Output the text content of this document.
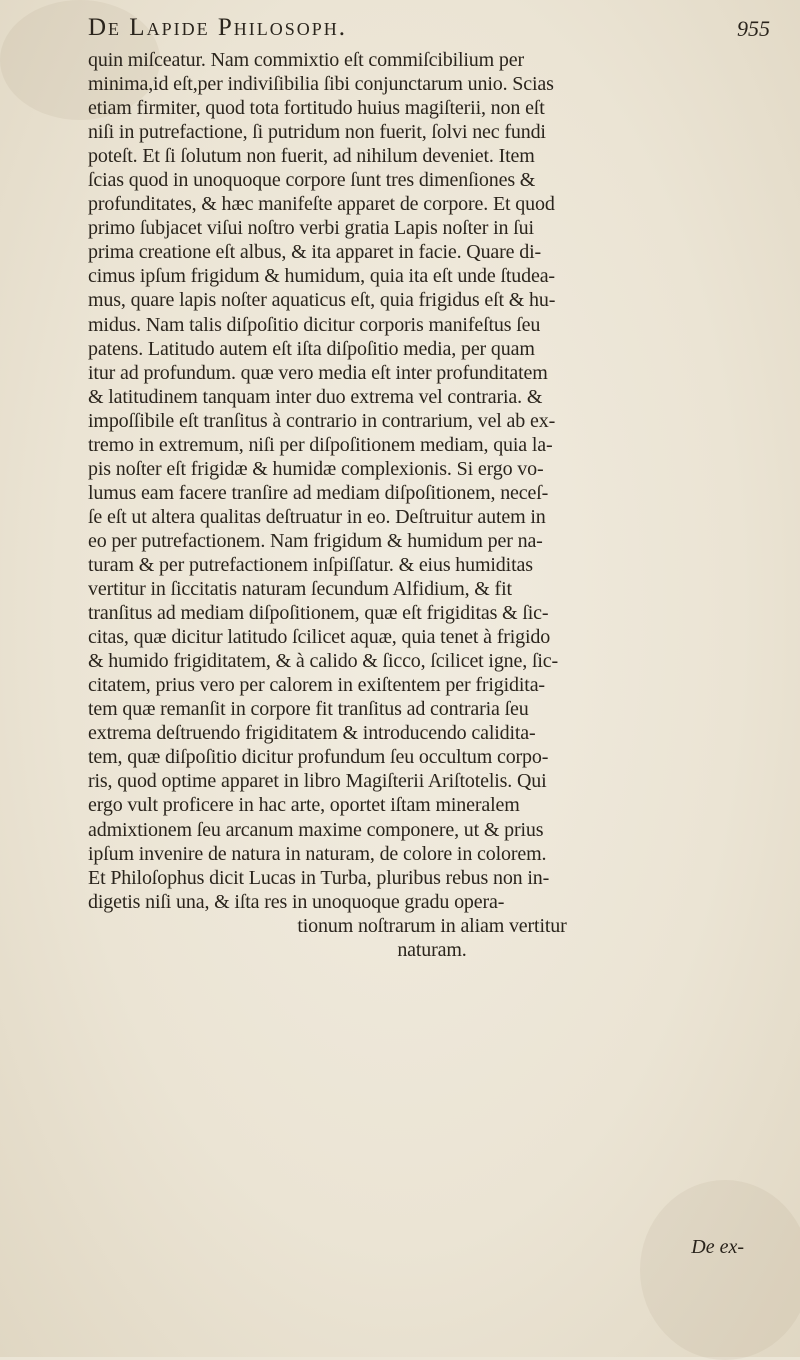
De Lapide Philosoph.	955
quin miſceatur. Nam commixtio eſt commiſcibilium per
minima,id eſt,per indiviſibilia ſibi conjunctarum unio. Scias
etiam firmiter, quod tota fortitudo huius magiſterii, non eſt
niſi in putrefactione, ſi putridum non fuerit, ſolvi nec fundi
poteſt. Et ſi ſolutum non fuerit, ad nihilum deveniet. Item
ſcias quod in unoquoque corpore ſunt tres dimenſiones &
profunditates, & hæc manifeſte apparet de corpore. Et quod
primo ſubjacet viſui noſtro verbi gratia Lapis noſter in ſui
prima creatione eſt albus, & ita apparet in facie. Quare di-
cimus ipſum frigidum & humidum, quia ita eſt unde ſtudea-
mus, quare lapis noſter aquaticus eſt, quia frigidus eſt & hu-
midus. Nam talis diſpoſitio dicitur corporis manifeſtus ſeu
patens. Latitudo autem eſt iſta diſpoſitio media, per quam
itur ad profundum. quæ vero media eſt inter profunditatem
& latitudinem tanquam inter duo extrema vel contraria. &
impoſſibile eſt tranſitus à contrario in contrarium, vel ab ex-
tremo in extremum, niſi per diſpoſitionem mediam, quia la-
pis noſter eſt frigidæ & humidæ complexionis. Si ergo vo-
lumus eam facere tranſire ad mediam diſpoſitionem, neceſ-
ſe eſt ut altera qualitas deſtruatur in eo. Deſtruitur autem in
eo per putrefactionem. Nam frigidum & humidum per na-
turam & per putrefactionem inſpiſſatur. & eius humiditas
vertitur in ſiccitatis naturam ſecundum Alfidium, & fit
tranſitus ad mediam diſpoſitionem, quæ eſt frigiditas & ſic-
citas, quæ dicitur latitudo ſcilicet aquæ, quia tenet à frigido
& humido frigiditatem, & à calido & ſicco, ſcilicet igne, ſic-
citatem, prius vero per calorem in exiſtentem per frigidita-
tem quæ remanſit in corpore fit tranſitus ad contraria ſeu
extrema deſtruendo frigiditatem & introducendo calidita-
tem, quæ diſpoſitio dicitur profundum ſeu occultum corpo-
ris, quod optime apparet in libro Magiſterii Ariſtotelis. Qui
ergo vult proficere in hac arte, oportet iſtam mineralem
admixtionem ſeu arcanum maxime componere, ut & prius
ipſum invenire de natura in naturam, de colore in colorem.
Et Philoſophus dicit Lucas in Turba, pluribus rebus non in-
digetis niſi una, & iſta res in unoquoque gradu opera-
tionum noſtrarum in aliam vertitur
naturam.
De ex-
